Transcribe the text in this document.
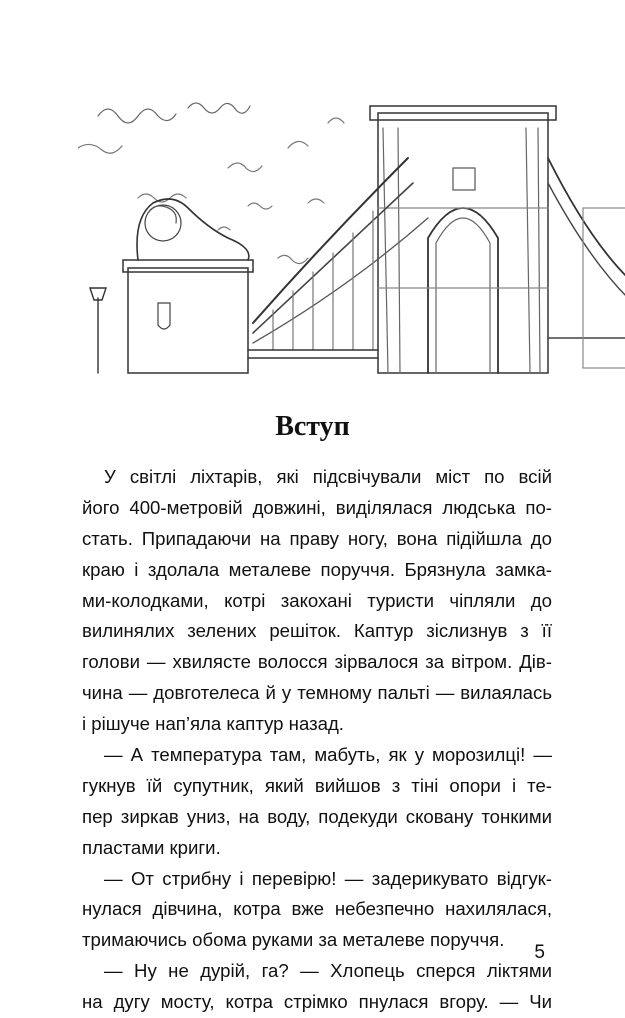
Вступ
У світлі ліхтарів, які підсвічували міст по всій
його 400-метровій довжині, виділялася людська по-
стать. Припадаючи на праву ногу, вона підійшла до
краю і здолала металеве поруччя. Брязнула замка-
ми-колодками, котрі закохані туристи чіпляли до
вилинялих зелених решіток. Каптур зіслизнув з її
голови — хвилясте волосся зірвалося за вітром. Дів-
чина — довготелеса й у темному пальті — вилаялась
і рішуче нап’яла каптур назад.
— А температура там, мабуть, як у морозилці! —
гукнув їй супутник, який вийшов з тіні опори і те-
пер зиркав униз, на воду, подекуди сковану тонкими
пластами криги.
— От стрибну і перевірю! — задерикувато відгук-
нулася дівчина, котра вже небезпечно нахилялася,
тримаючись обома руками за металеве поруччя.
— Ну не дурій, га? — Хлопець сперся ліктями
на дугу мосту, котра стрімко пнулася вгору. — Чи
5
